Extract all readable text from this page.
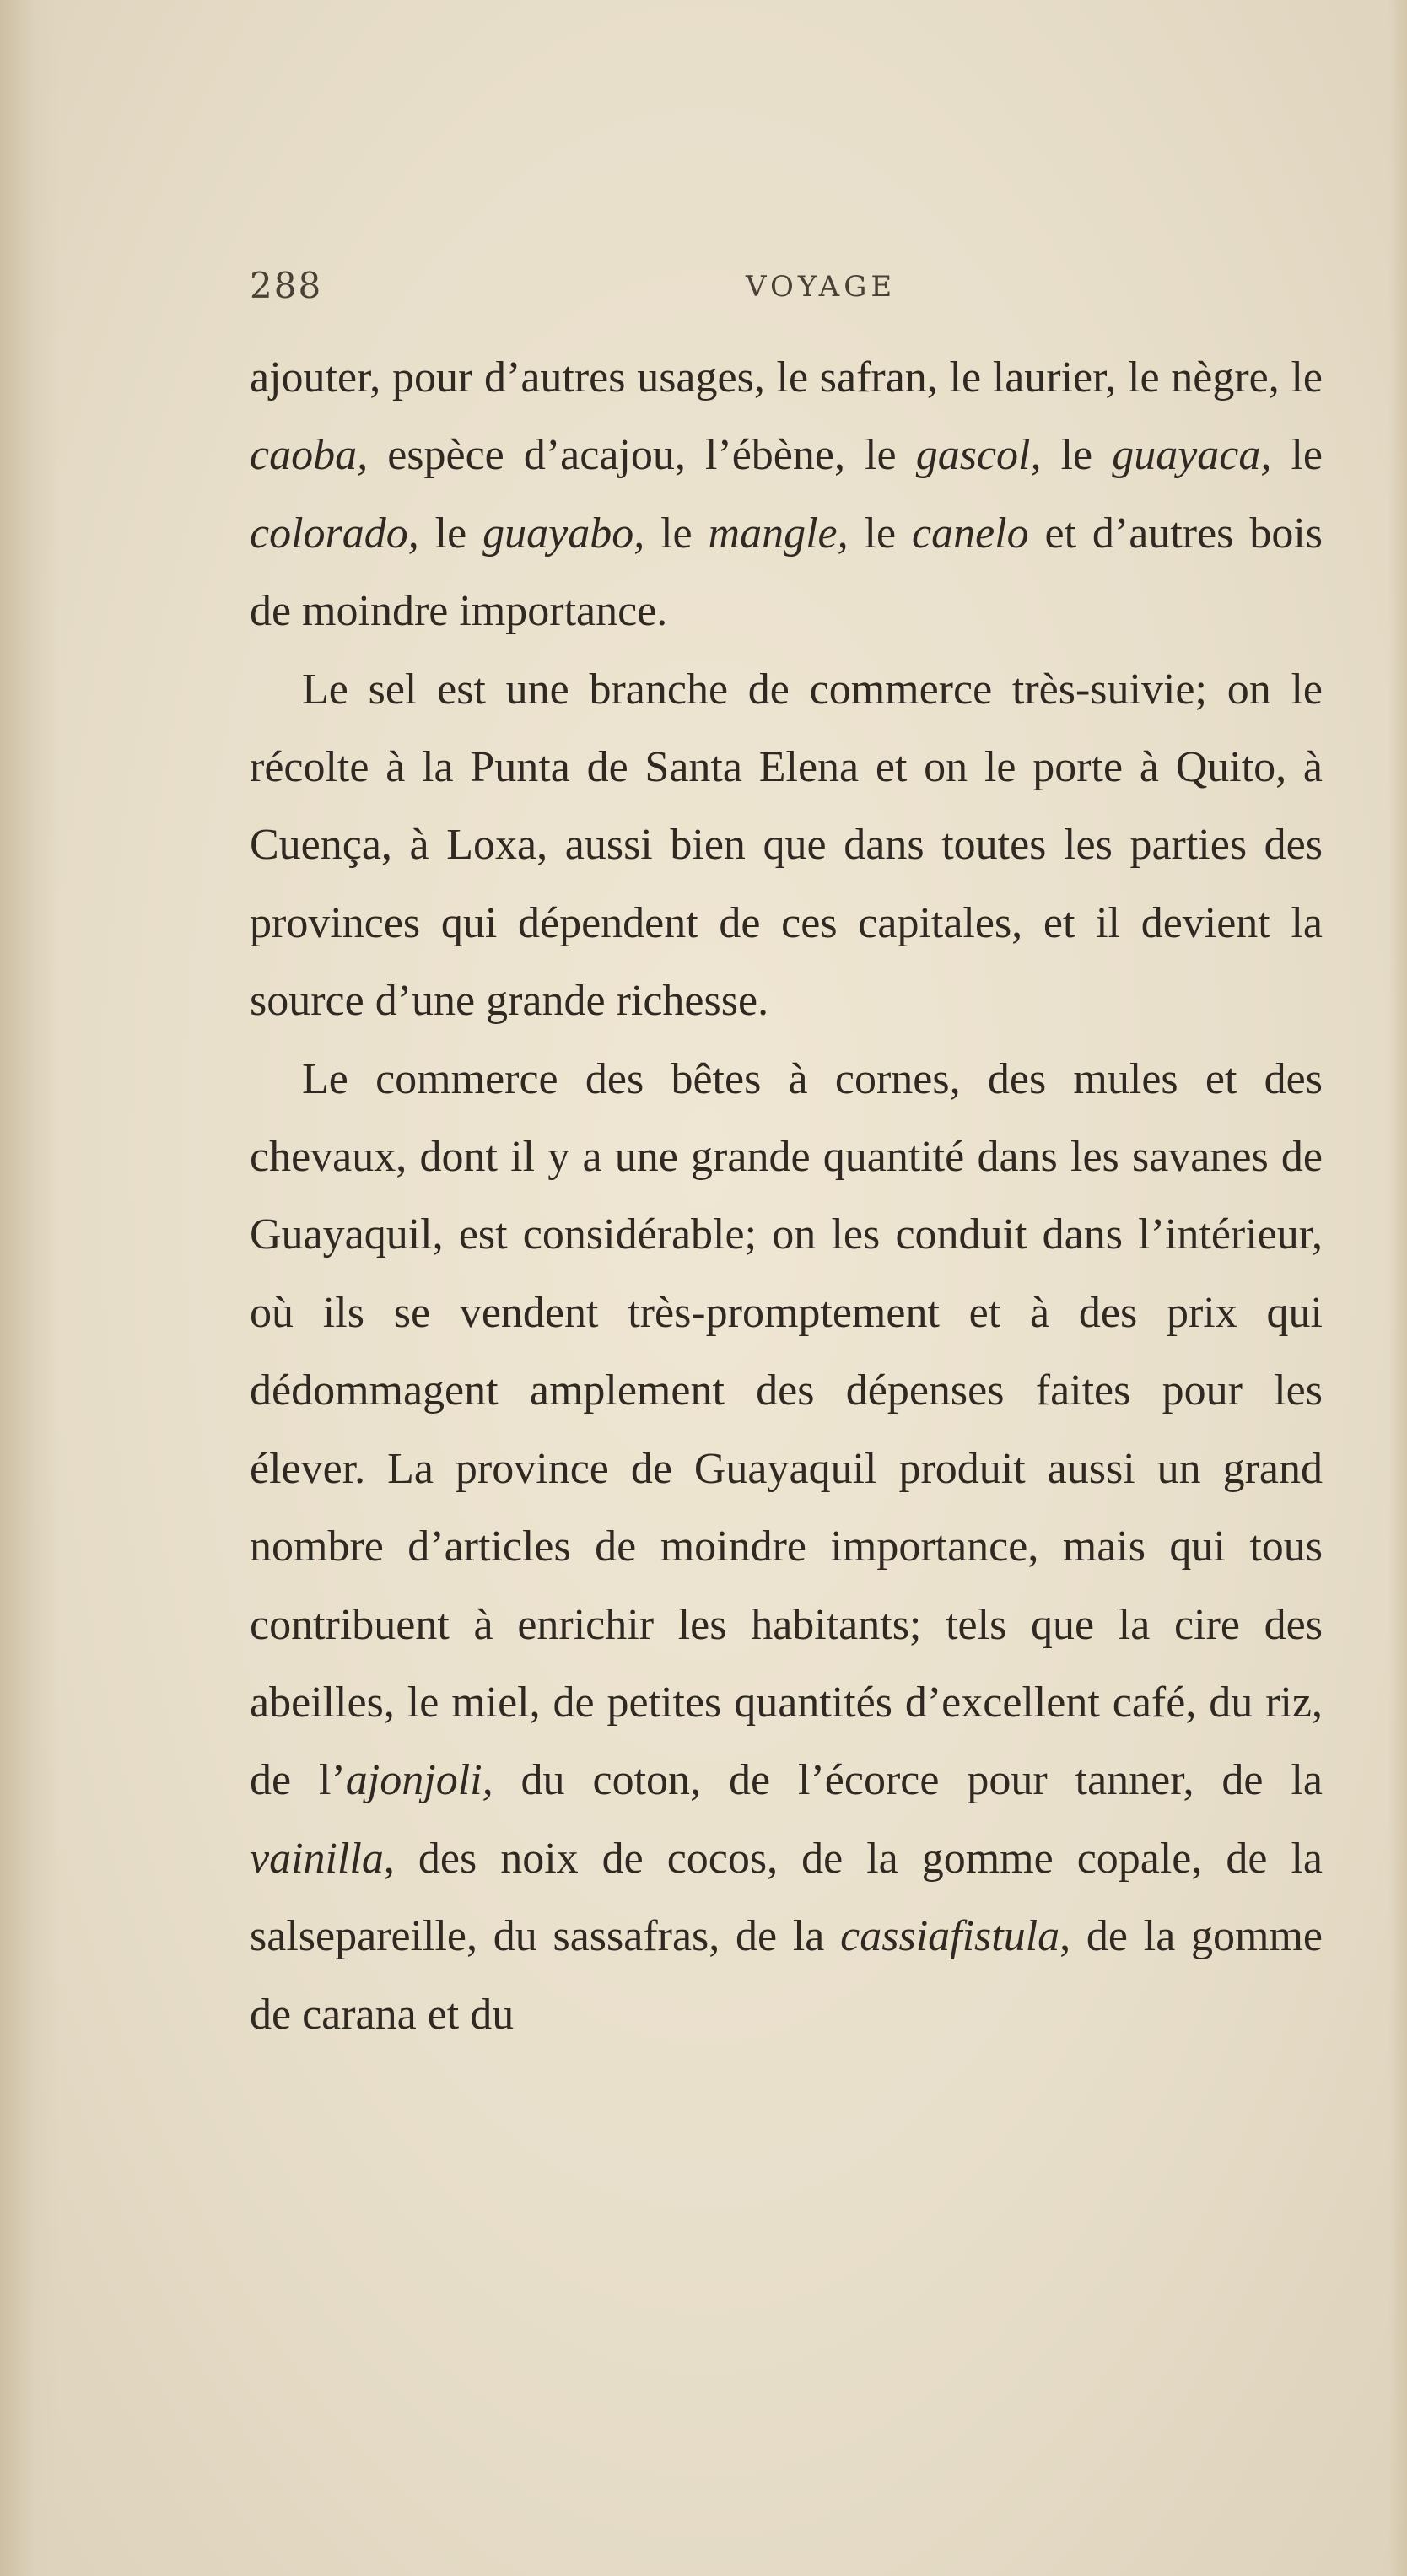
288	VOYAGE

ajouter, pour d’autres usages, le safran, le laurier, le nègre, le caoba, espèce d’acajou, l’ébène, le gascol, le guayaca, le colorado, le guayabo, le mangle, le canelo et d’autres bois de moindre importance.

Le sel est une branche de commerce très-suivie; on le récolte à la Punta de Santa Elena et on le porte à Quito, à Cuença, à Loxa, aussi bien que dans toutes les parties des provinces qui dépendent de ces capitales, et il devient la source d’une grande richesse.

Le commerce des bêtes à cornes, des mules et des chevaux, dont il y a une grande quantité dans les savanes de Guayaquil, est considérable; on les conduit dans l’intérieur, où ils se vendent très-promptement et à des prix qui dédommagent amplement des dépenses faites pour les élever. La province de Guayaquil produit aussi un grand nombre d’articles de moindre importance, mais qui tous contribuent à enrichir les habitants; tels que la cire des abeilles, le miel, de petites quantités d’excellent café, du riz, de l’ajonjoli, du coton, de l’écorce pour tanner, de la vainilla, des noix de cocos, de la gomme copale, de la salsepareille, du sassafras, de la cassiafistula, de la gomme de carana et du
